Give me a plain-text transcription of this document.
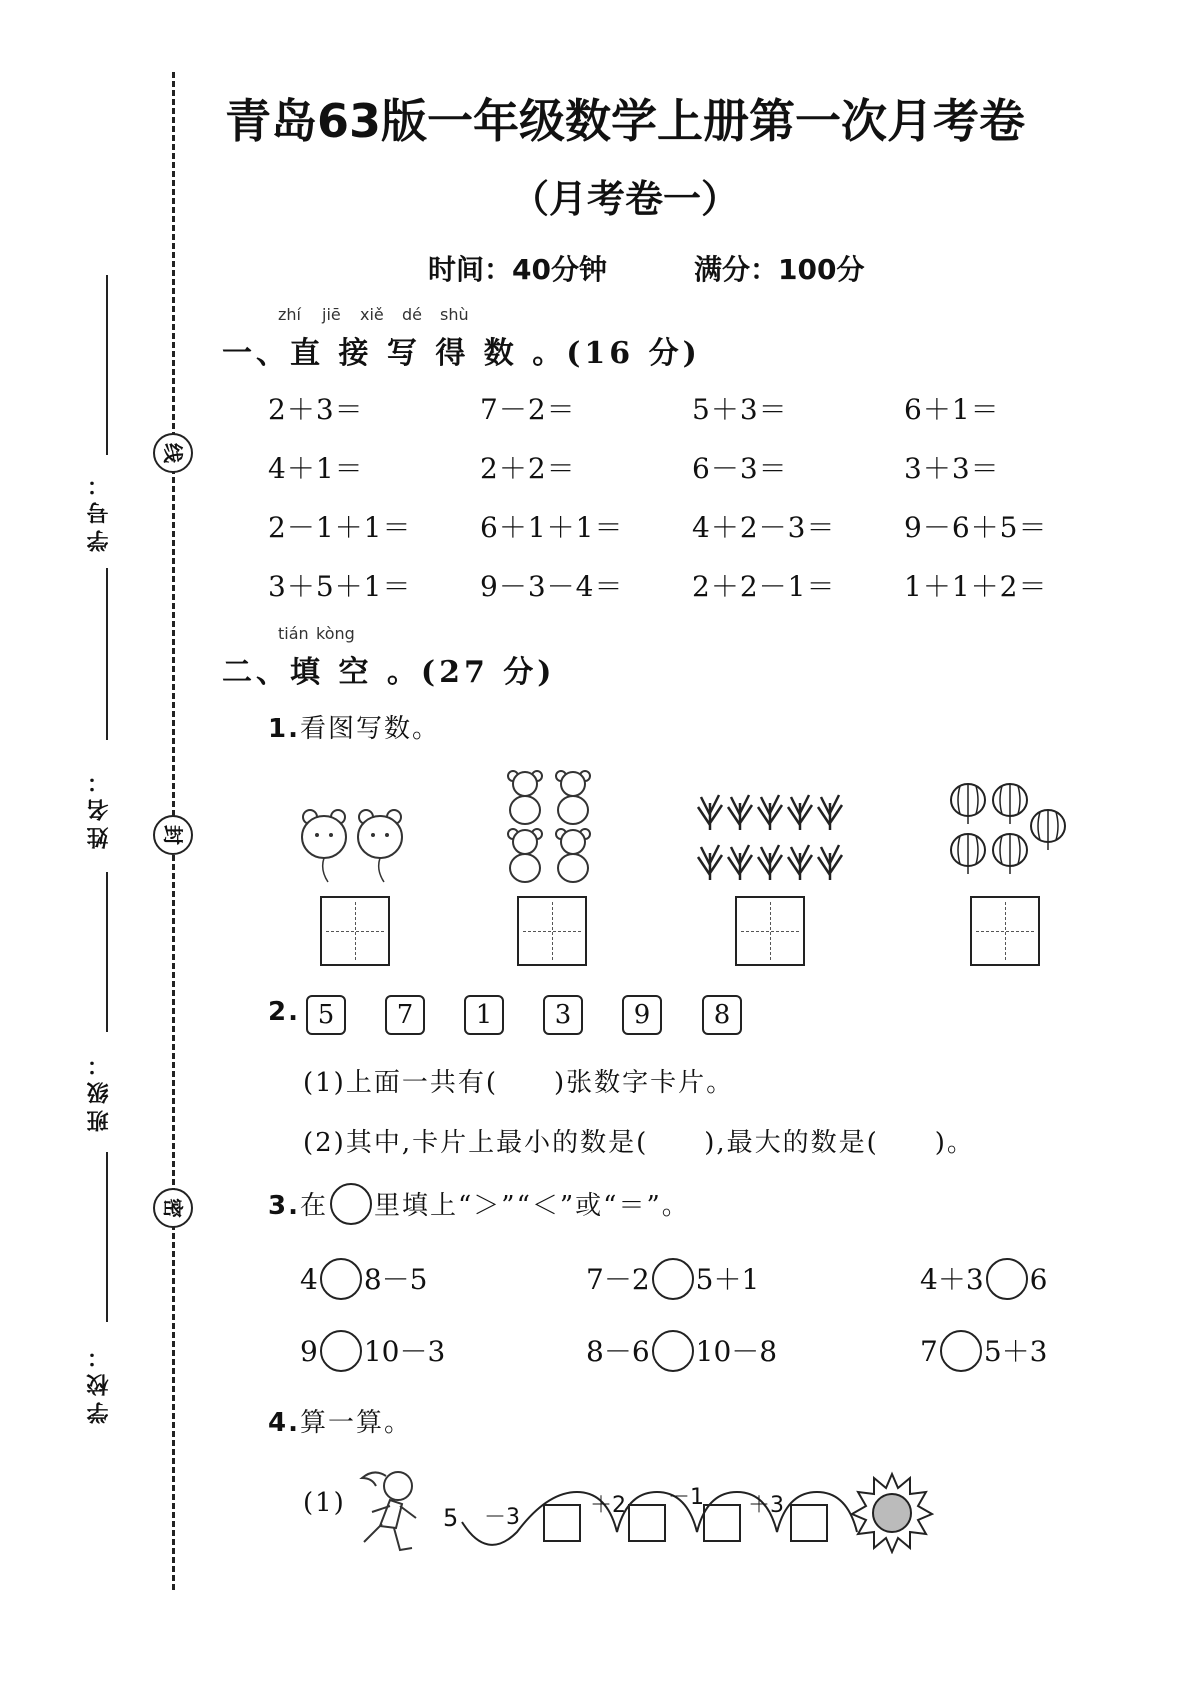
线
封
密
学号：
姓名：
班级：
学校：
青岛63版一年级数学上册第一次月考卷
（月考卷一）
时间：40分钟	满分：100分
zhí jiē xiě dé shù
一、直 接 写 得 数 。(16 分)
2＋3＝	7－2＝	5＋3＝	6＋1＝
4＋1＝	2＋2＝	6－3＝	3＋3＝
2－1＋1＝ 6＋1＋1＝ 4＋2－3＝ 9－6＋5＝
3＋5＋1＝ 9－3－4＝ 2＋2－1＝ 1＋1＋2＝
tián kòng
二、填 空 。(27 分)
1.看图写数。
2. 5	7	1	3	9	8
(1)上面一共有(　　)张数字卡片。
(2)其中,卡片上最小的数是(　　),最大的数是(　　)。
3.在 里填上“＞”“＜”或“＝”。
4 8－5	7－2 5＋1	4＋3 6
9 10－3	8－6 10－8	7 5＋3
4.算一算。
(1)	5 －3	＋2 －1 ＋3
